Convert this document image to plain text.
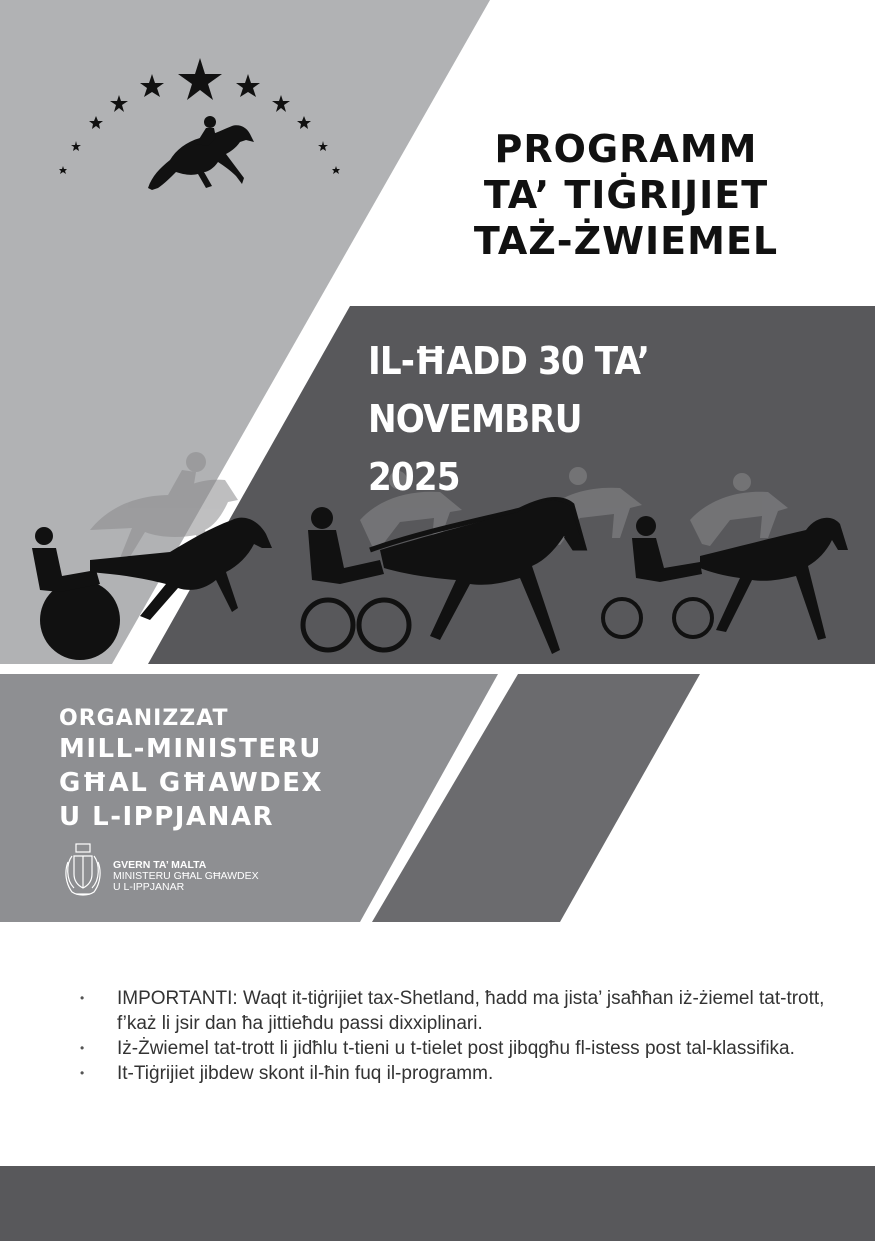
PROGRAMM
TA’ TIĠRIJIET
TAŻ-ŻWIEMEL
IL-ĦADD 30 TA’ NOVEMBRU
2025
ORGANIZZAT
MILL-MINISTERU
GĦAL GĦAWDEX
U L-IPPJANAR
GVERN TA’ MALTA
MINISTERU GĦAL GĦAWDEX
U L-IPPJANAR
• IMPORTANTI: Waqt it-tiġrijiet tax-Shetland, ħadd ma jista’ jsaħħan iż-żiemel tat-trott, f’każ li jsir dan ħa jittieħdu passi dixxiplinari.
• Iż-Żwiemel tat-trott li jidħlu t-tieni u t-tielet post jibqgħu fl-istess post tal-klassifika.
• It-Tiġrijiet jibdew skont il-ħin fuq il-programm.
